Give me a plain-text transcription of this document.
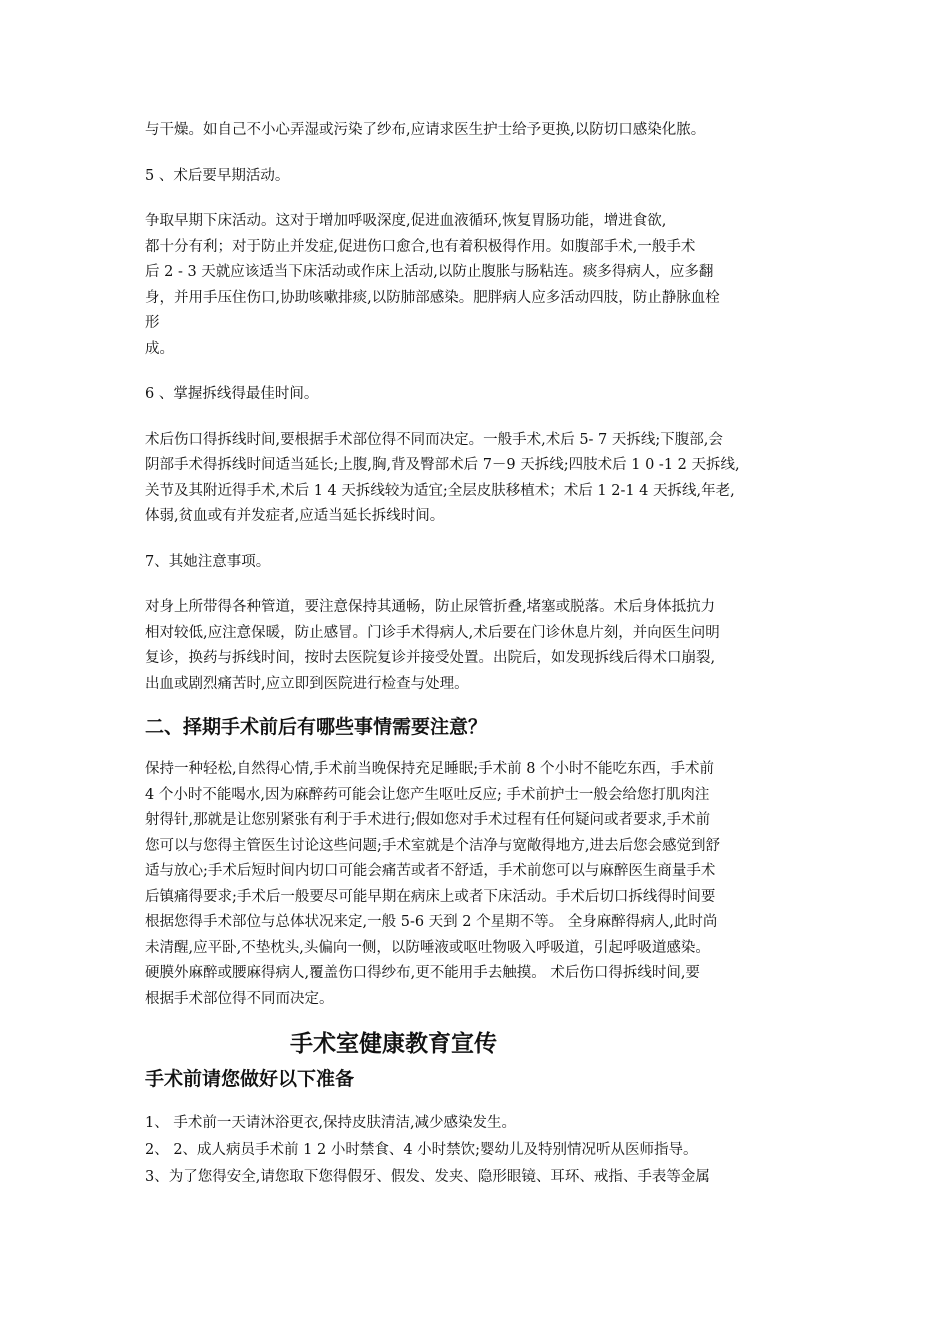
与干燥。如自己不小心弄湿或污染了纱布,应请求医生护士给予更换,以防切口感染化脓。

5 、术后要早期活动。

争取早期下床活动。这对于增加呼吸深度,促进血液循环,恢复胃肠功能，增进食欲,
都十分有利；对于防止并发症,促进伤口愈合,也有着积极得作用。如腹部手术,一般手术
后 2 - 3 天就应该适当下床活动或作床上活动,以防止腹胀与肠粘连。痰多得病人，应多翻
身，并用手压住伤口,协助咳嗽排痰,以防肺部感染。肥胖病人应多活动四肢，防止静脉血栓
形
成。

6 、掌握拆线得最佳时间。

术后伤口得拆线时间,要根据手术部位得不同而决定。一般手术,术后 5- 7 天拆线;下腹部,会
阴部手术得拆线时间适当延长;上腹,胸,背及臀部术后 7－9 天拆线;四肢术后 1 0 -1 2 天拆线,
关节及其附近得手术,术后 1 4 天拆线较为适宜;全层皮肤移植术；术后 1 2-1 4 天拆线,年老,
体弱,贫血或有并发症者,应适当延长拆线时间。

7、其她注意事项。

对身上所带得各种管道，要注意保持其通畅，防止尿管折叠,堵塞或脱落。术后身体抵抗力
相对较低,应注意保暖，防止感冒。门诊手术得病人,术后要在门诊休息片刻，并向医生问明
复诊，换药与拆线时间，按时去医院复诊并接受处置。出院后，如发现拆线后得术口崩裂,
出血或剧烈痛苦时,应立即到医院进行检查与处理。

二、择期手术前后有哪些事情需要注意？

保持一种轻松,自然得心情,手术前当晚保持充足睡眠;手术前 8 个小时不能吃东西，手术前
4 个小时不能喝水,因为麻醉药可能会让您产生呕吐反应; 手术前护士一般会给您打肌肉注
射得针,那就是让您别紧张有利于手术进行;假如您对手术过程有任何疑问或者要求,手术前
您可以与您得主管医生讨论这些问题;手术室就是个洁净与宽敞得地方,进去后您会感觉到舒
适与放心;手术后短时间内切口可能会痛苦或者不舒适，手术前您可以与麻醉医生商量手术
后镇痛得要求;手术后一般要尽可能早期在病床上或者下床活动。手术后切口拆线得时间要
根据您得手术部位与总体状况来定,一般 5-6 天到 2 个星期不等。 全身麻醉得病人,此时尚
未清醒,应平卧,不垫枕头,头偏向一侧，以防唾液或呕吐物吸入呼吸道，引起呼吸道感染。
硬膜外麻醉或腰麻得病人,覆盖伤口得纱布,更不能用手去触摸。 术后伤口得拆线时间,要
根据手术部位得不同而决定。

手术室健康教育宣传
手术前请您做好以下准备

1、 手术前一天请沐浴更衣,保持皮肤清洁,减少感染发生。
2、 2、成人病员手术前 1 2 小时禁食、4 小时禁饮;婴幼儿及特别情况听从医师指导。
3、为了您得安全,请您取下您得假牙、假发、发夹、隐形眼镜、耳环、戒指、手表等金属
